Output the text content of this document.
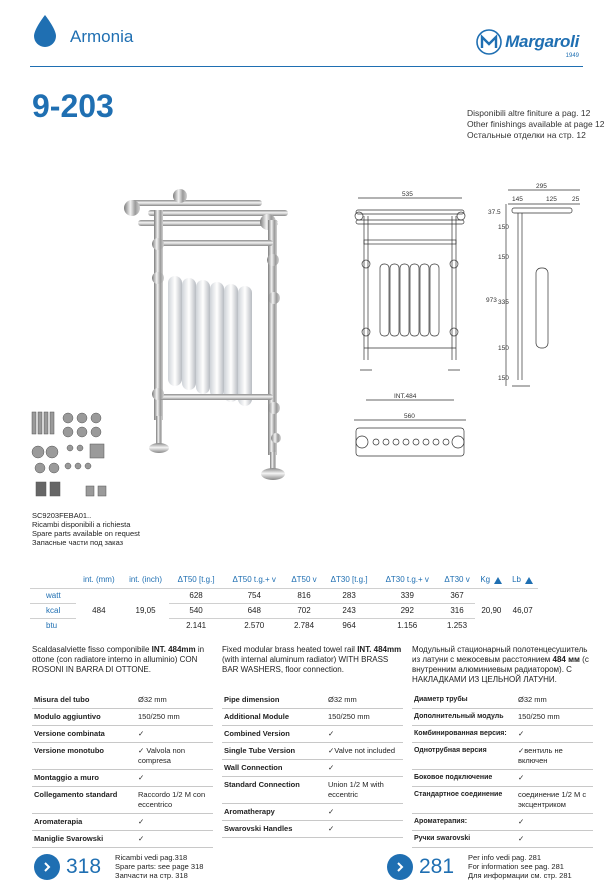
Armonia	Margaroli
1949
9-203	Disponibili altre finiture a pag. 12
Other finishings available at page 12
Остальные отделки на стр. 12
535
INT.484
560
295
145	125 25
37.5
150
150
973 335
150
150
SC9203FEBA01..
Ricambi disponibili a richiesta
Spare parts available on request
Запасные части под заказ
	int. (mm)	int. (inch)	ΔT50 [t.g.]	ΔT50 t.g.+ v	ΔT50 v	ΔT30 [t.g.]	ΔT30 t.g.+ v	ΔT30 v	Kg	Lb
watt	484	19,05	628	754	816	283	339	367	20,90	46,07
kcal			540	648	702	243	292	316		
btu			2.141	2.570	2.784	964	1.156	1.253		
Scaldasalviette fisso componibile INT. 484mm in ottone (con radiatore interno in alluminio) CON ROSONI IN BARRA DI OTTONE.
Fixed modular brass heated towel rail INT. 484mm (with internal aluminum radiator) WITH BRASS BAR WASHERS, floor connection.
Модульный стационарный полотенцесушитель из латуни с межосевым расстоянием 484 мм (с внутренним алюминиевым радиатором). С НАКЛАДКАМИ ИЗ ЦЕЛЬНОЙ ЛАТУНИ.
Misura del tubo	Ø32 mm
Modulo aggiuntivo	150/250 mm
Versione combinata	✓
Versione monotubo	✓ Valvola non compresa
Montaggio a muro	✓
Collegamento standard	Raccordo 1/2 M con eccentrico
Aromaterapia	✓
Maniglie Svarowski	✓
Pipe dimension	Ø32 mm
Additional Module	150/250 mm
Combined Version	✓
Single Tube Version	✓Valve not included
Wall Connection	✓
Standard Connection	Union 1/2 M with eccentric
Aromatherapy	✓
Swarovski Handles	✓
Диаметр трубы	Ø32 mm
Дополнительный модуль	150/250 mm
Комбинированная версия:	✓
Однотрубная версия	✓вентиль не включен
Боковое подключение	✓
Стандартное соединение	соединение 1/2 М с эксцентриком
Аромaтерапия:	✓
Ручки swarovski	✓
318 Ricambi vedi pag.318
Spare parts: see page 318
Запчасти на стр. 318	281 Per info vedi pag. 281
For information see pag. 281
Для информации см. стр. 281
